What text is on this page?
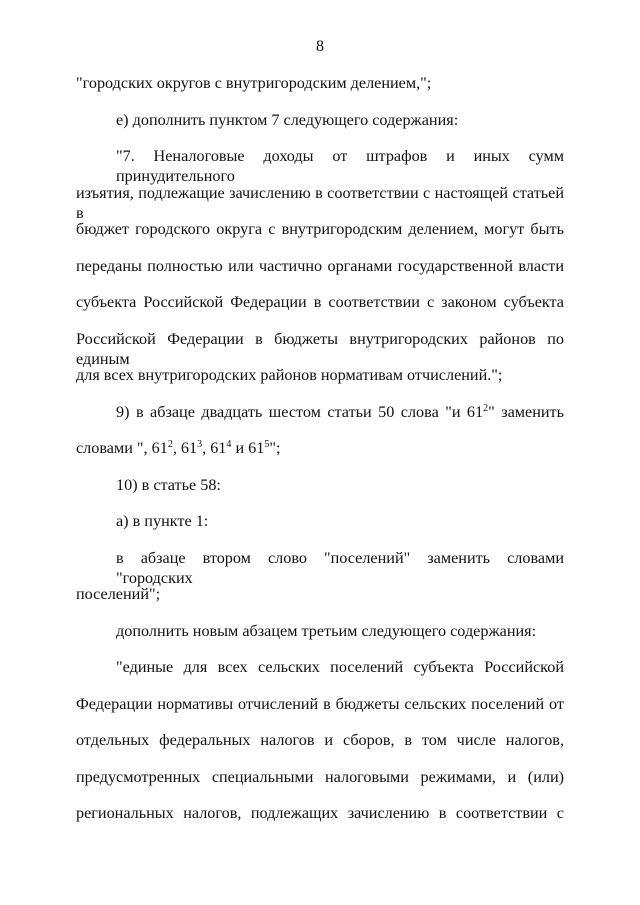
8
"городских округов с внутригородским делением,";
е) дополнить пунктом 7 следующего содержания:
"7. Неналоговые доходы от штрафов и иных сумм принудительного
изъятия, подлежащие зачислению в соответствии с настоящей статьей в
бюджет городского округа с внутригородским делением, могут быть
переданы полностью или частично органами государственной власти
субъекта Российской Федерации в соответствии с законом субъекта
Российской Федерации в бюджеты внутригородских районов по единым
для всех внутригородских районов нормативам отчислений.";
9) в абзаце двадцать шестом статьи 50 слова "и $61^2$" заменить
словами ", $61^2$, $61^3$, $61^4$ и $61^5$";
10) в статье 58:
а) в пункте 1:
в абзаце втором слово "поселений" заменить словами "городских
поселений";
дополнить новым абзацем третьим следующего содержания:
"единые для всех сельских поселений субъекта Российской
Федерации нормативы отчислений в бюджеты сельских поселений от
отдельных федеральных налогов и сборов, в том числе налогов,
предусмотренных специальными налоговыми режимами, и (или)
региональных налогов, подлежащих зачислению в соответствии с
